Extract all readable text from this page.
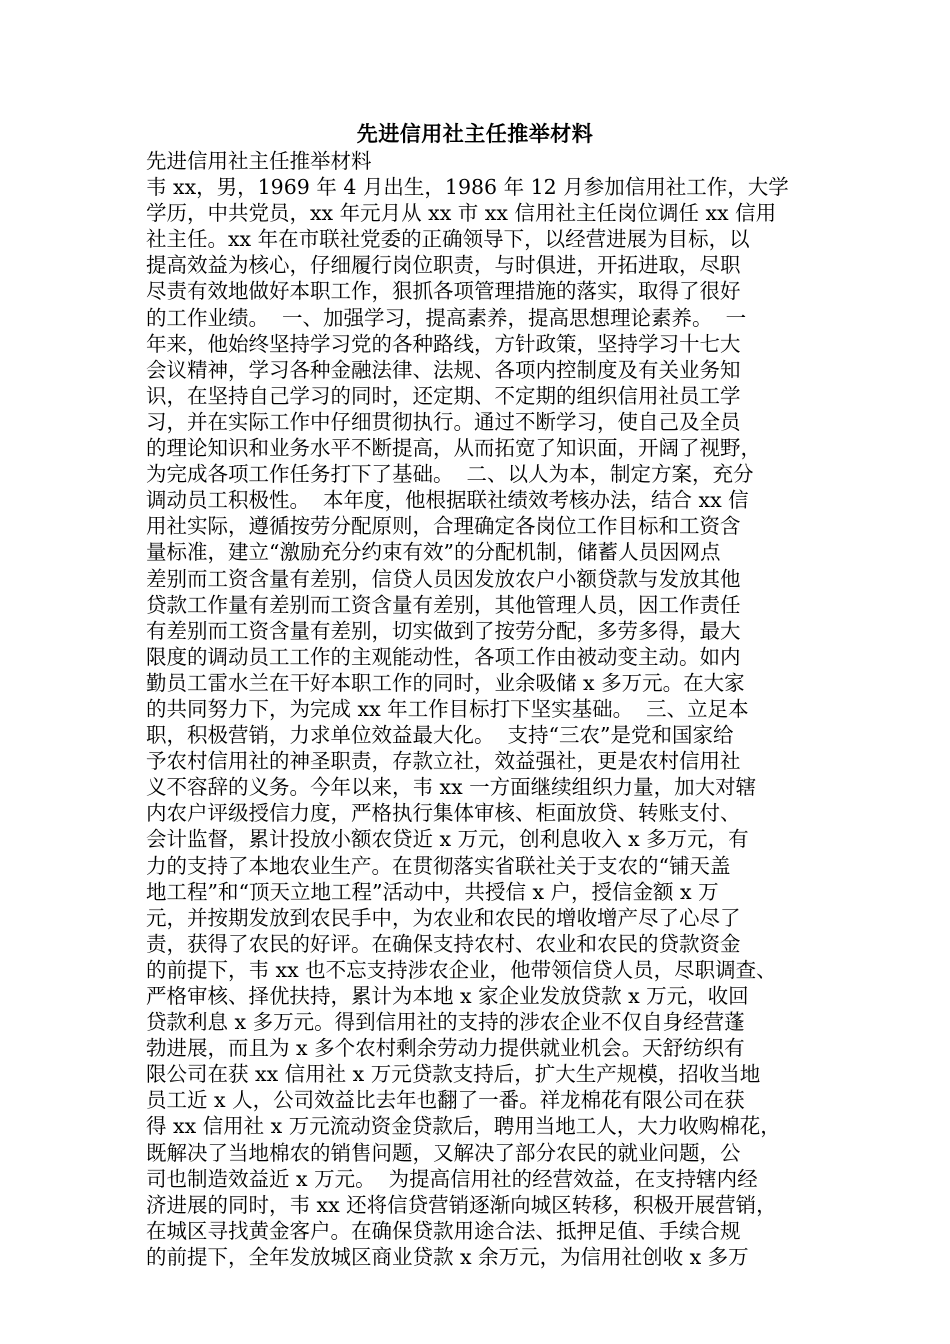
先进信用社主任推举材料
先进信用社主任推举材料
韦 xx，男，1969 年 4 月出生，1986 年 12 月参加信用社工作，大学
学历，中共党员，xx 年元月从 xx 市 xx 信用社主任岗位调任 xx 信用
社主任。xx 年在市联社党委的正确领导下，以经营进展为目标，以
提高效益为核心，仔细履行岗位职责，与时俱进，开拓进取，尽职
尽责有效地做好本职工作，狠抓各项管理措施的落实，取得了很好
的工作业绩。  一、加强学习，提高素养，提高思想理论素养。  一
年来，他始终坚持学习党的各种路线，方针政策，坚持学习十七大
会议精神，学习各种金融法律、法规、各项内控制度及有关业务知
识，在坚持自己学习的同时，还定期、不定期的组织信用社员工学
习，并在实际工作中仔细贯彻执行。通过不断学习，使自己及全员
的理论知识和业务水平不断提高，从而拓宽了知识面，开阔了视野，
为完成各项工作任务打下了基础。  二、以人为本，制定方案，充分
调动员工积极性。  本年度，他根据联社绩效考核办法，结合 xx 信
用社实际，遵循按劳分配原则，合理确定各岗位工作目标和工资含
量标准，建立“激励充分约束有效”的分配机制，储蓄人员因网点
差别而工资含量有差别，信贷人员因发放农户小额贷款与发放其他
贷款工作量有差别而工资含量有差别，其他管理人员，因工作责任
有差别而工资含量有差别，切实做到了按劳分配，多劳多得，最大
限度的调动员工工作的主观能动性，各项工作由被动变主动。如内
勤员工雷水兰在干好本职工作的同时，业余吸储 x 多万元。在大家
的共同努力下，为完成 xx 年工作目标打下坚实基础。  三、立足本
职，积极营销，力求单位效益最大化。  支持“三农”是党和国家给
予农村信用社的神圣职责，存款立社，效益强社，更是农村信用社
义不容辞的义务。今年以来，韦 xx 一方面继续组织力量，加大对辖
内农户评级授信力度，严格执行集体审核、柜面放贷、转账支付、
会计监督，累计投放小额农贷近 x 万元，创利息收入 x 多万元，有
力的支持了本地农业生产。在贯彻落实省联社关于支农的“铺天盖
地工程”和“顶天立地工程”活动中，共授信 x 户，授信金额 x 万
元，并按期发放到农民手中，为农业和农民的增收增产尽了心尽了
责，获得了农民的好评。在确保支持农村、农业和农民的贷款资金
的前提下，韦 xx 也不忘支持涉农企业，他带领信贷人员，尽职调查、
严格审核、择优扶持，累计为本地 x 家企业发放贷款 x 万元，收回
贷款利息 x 多万元。得到信用社的支持的涉农企业不仅自身经营蓬
勃进展，而且为 x 多个农村剩余劳动力提供就业机会。天舒纺织有
限公司在获 xx 信用社 x 万元贷款支持后，扩大生产规模，招收当地
员工近 x 人，公司效益比去年也翻了一番。祥龙棉花有限公司在获
得 xx 信用社 x 万元流动资金贷款后，聘用当地工人，大力收购棉花，
既解决了当地棉农的销售问题，又解决了部分农民的就业问题，公
司也制造效益近 x 万元。  为提高信用社的经营效益，在支持辖内经
济进展的同时，韦 xx 还将信贷营销逐渐向城区转移，积极开展营销，
在城区寻找黄金客户。在确保贷款用途合法、抵押足值、手续合规
的前提下，全年发放城区商业贷款 x 余万元，为信用社创收 x 多万
